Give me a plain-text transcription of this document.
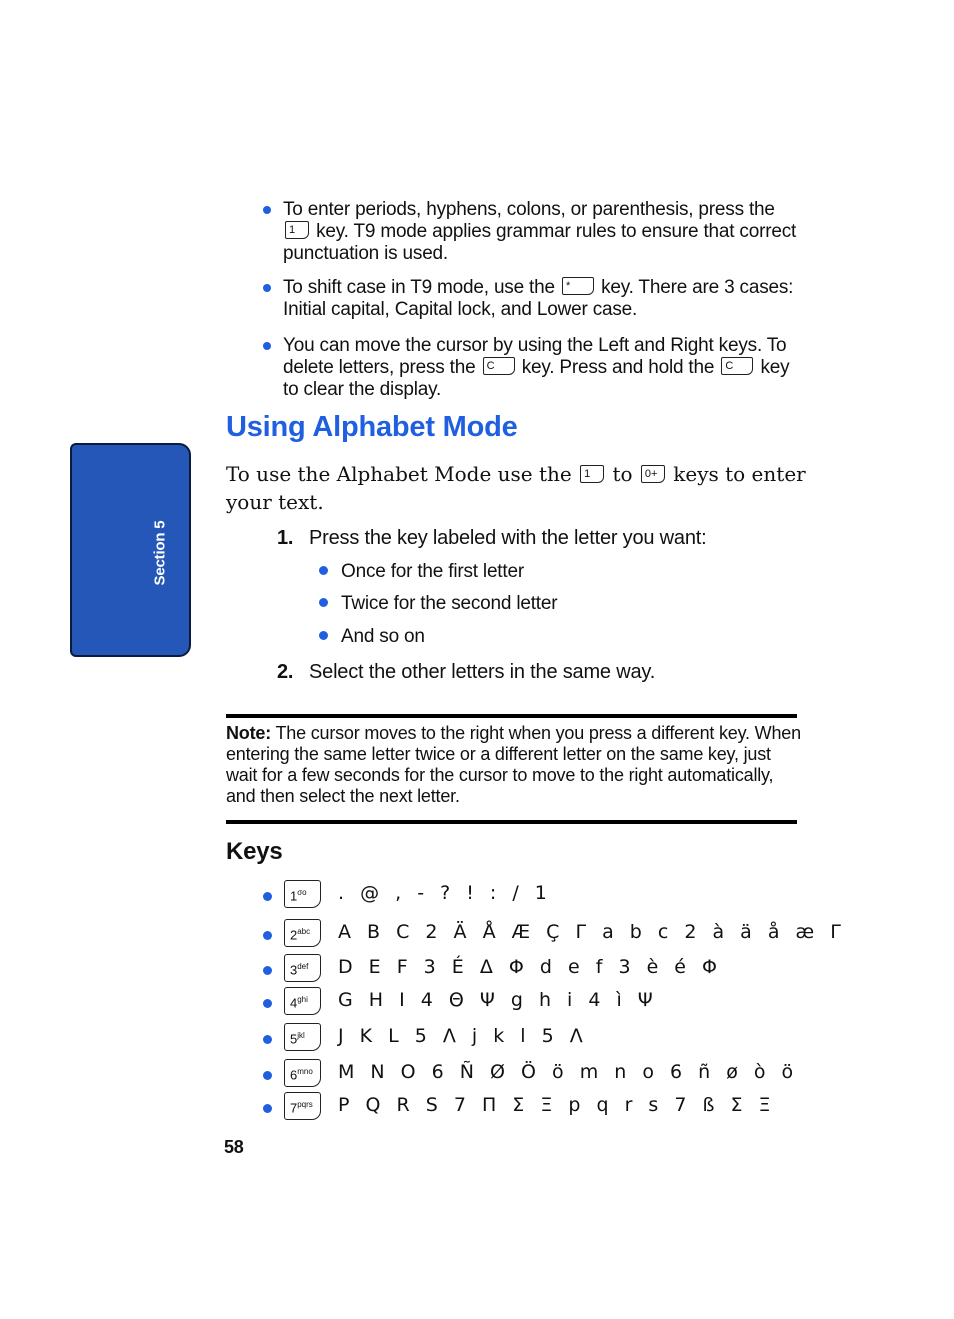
Section 5
To enter periods, hyphens, colons, or parenthesis, press the 1 key. T9 mode applies grammar rules to ensure that correct punctuation is used.
To shift case in T9 mode, use the * key. There are 3 cases: Initial capital, Capital lock, and Lower case.
You can move the cursor by using the Left and Right keys. To delete letters, press the C key. Press and hold the C key to clear the display.
Using Alphabet Mode
To use the Alphabet Mode use the 1 to 0+ keys to enter your text.
1. Press the key labeled with the letter you want:
Once for the first letter
Twice for the second letter
And so on
2. Select the other letters in the same way.
Note: The cursor moves to the right when you press a different key. When entering the same letter twice or a different letter on the same key, just wait for a few seconds for the cursor to move to the right automatically, and then select the next letter.
Keys
$1^{\sigma o}$	. @ , - ? ! : / 1
$2^{abc}$	A B C 2 Ä Å Æ Ç Γ a b c 2 à ä å æ Γ
$3^{def}$	D E F 3 É Δ Φ d e f 3 è é Φ
$4^{ghi}$	G H I 4 Θ Ψ g h i 4 ì Ψ
$5^{jkl}$	J K L 5 Λ j k l 5 Λ
$6^{mno}$	M N O 6 Ñ Ø Ö ö m n o 6 ñ ø ò ö
$7^{pqrs}$	P Q R S 7 Π Σ Ξ p q r s 7 ß Σ Ξ
58
